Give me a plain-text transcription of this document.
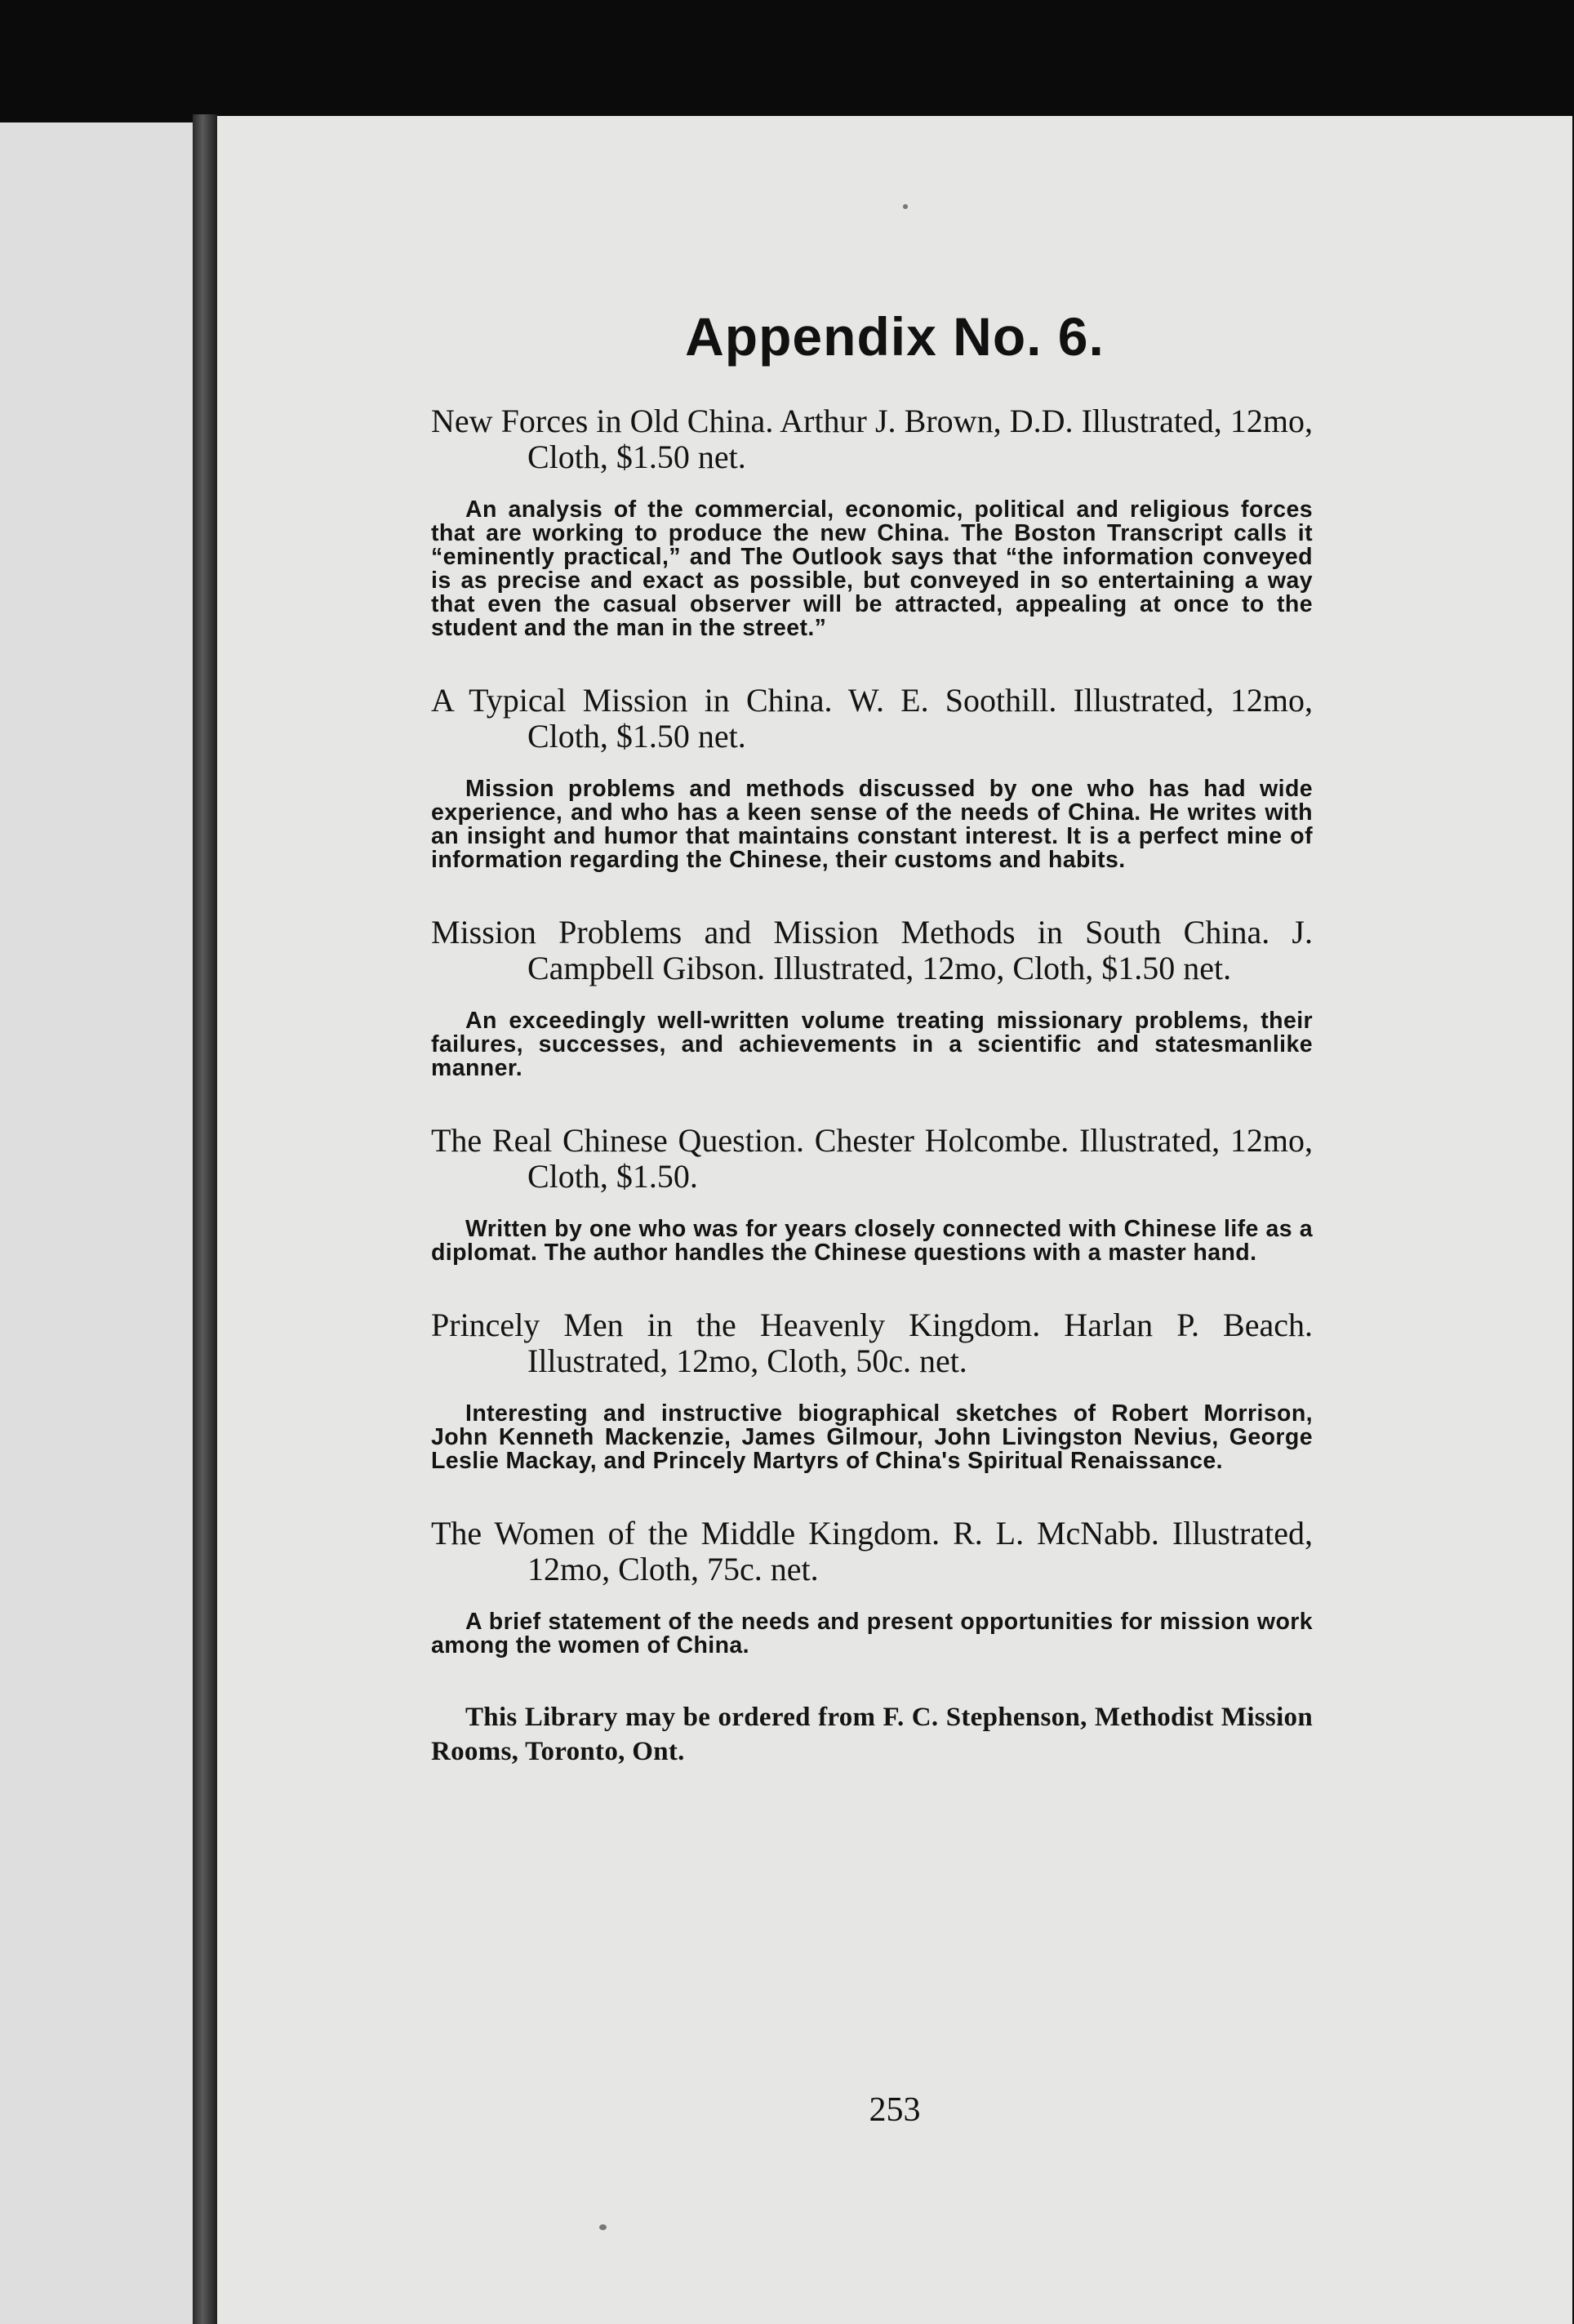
Appendix No. 6.
New Forces in Old China. Arthur J. Brown, D.D. Illustrated, 12mo, Cloth, $1.50 net.
An analysis of the commercial, economic, political and religious forces that are working to produce the new China. The Boston Transcript calls it “eminently practical,” and The Outlook says that “the information conveyed is as precise and exact as possible, but conveyed in so entertaining a way that even the casual observer will be attracted, appealing at once to the student and the man in the street.”
A Typical Mission in China. W. E. Soothill. Illustrated, 12mo, Cloth, $1.50 net.
Mission problems and methods discussed by one who has had wide experience, and who has a keen sense of the needs of China. He writes with an insight and humor that maintains constant interest. It is a perfect mine of information regarding the Chinese, their customs and habits.
Mission Problems and Mission Methods in South China. J. Campbell Gibson. Illustrated, 12mo, Cloth, $1.50 net.
An exceedingly well-written volume treating missionary problems, their failures, successes, and achievements in a scientific and statesmanlike manner.
The Real Chinese Question. Chester Holcombe. Illustrated, 12mo, Cloth, $1.50.
Written by one who was for years closely connected with Chinese life as a diplomat. The author handles the Chinese questions with a master hand.
Princely Men in the Heavenly Kingdom. Harlan P. Beach. Illustrated, 12mo, Cloth, 50c. net.
Interesting and instructive biographical sketches of Robert Morrison, John Kenneth Mackenzie, James Gilmour, John Livingston Nevius, George Leslie Mackay, and Princely Martyrs of China's Spiritual Renaissance.
The Women of the Middle Kingdom. R. L. McNabb. Illustrated, 12mo, Cloth, 75c. net.
A brief statement of the needs and present opportunities for mission work among the women of China.
This Library may be ordered from F. C. Stephenson, Methodist Mission Rooms, Toronto, Ont.
253
